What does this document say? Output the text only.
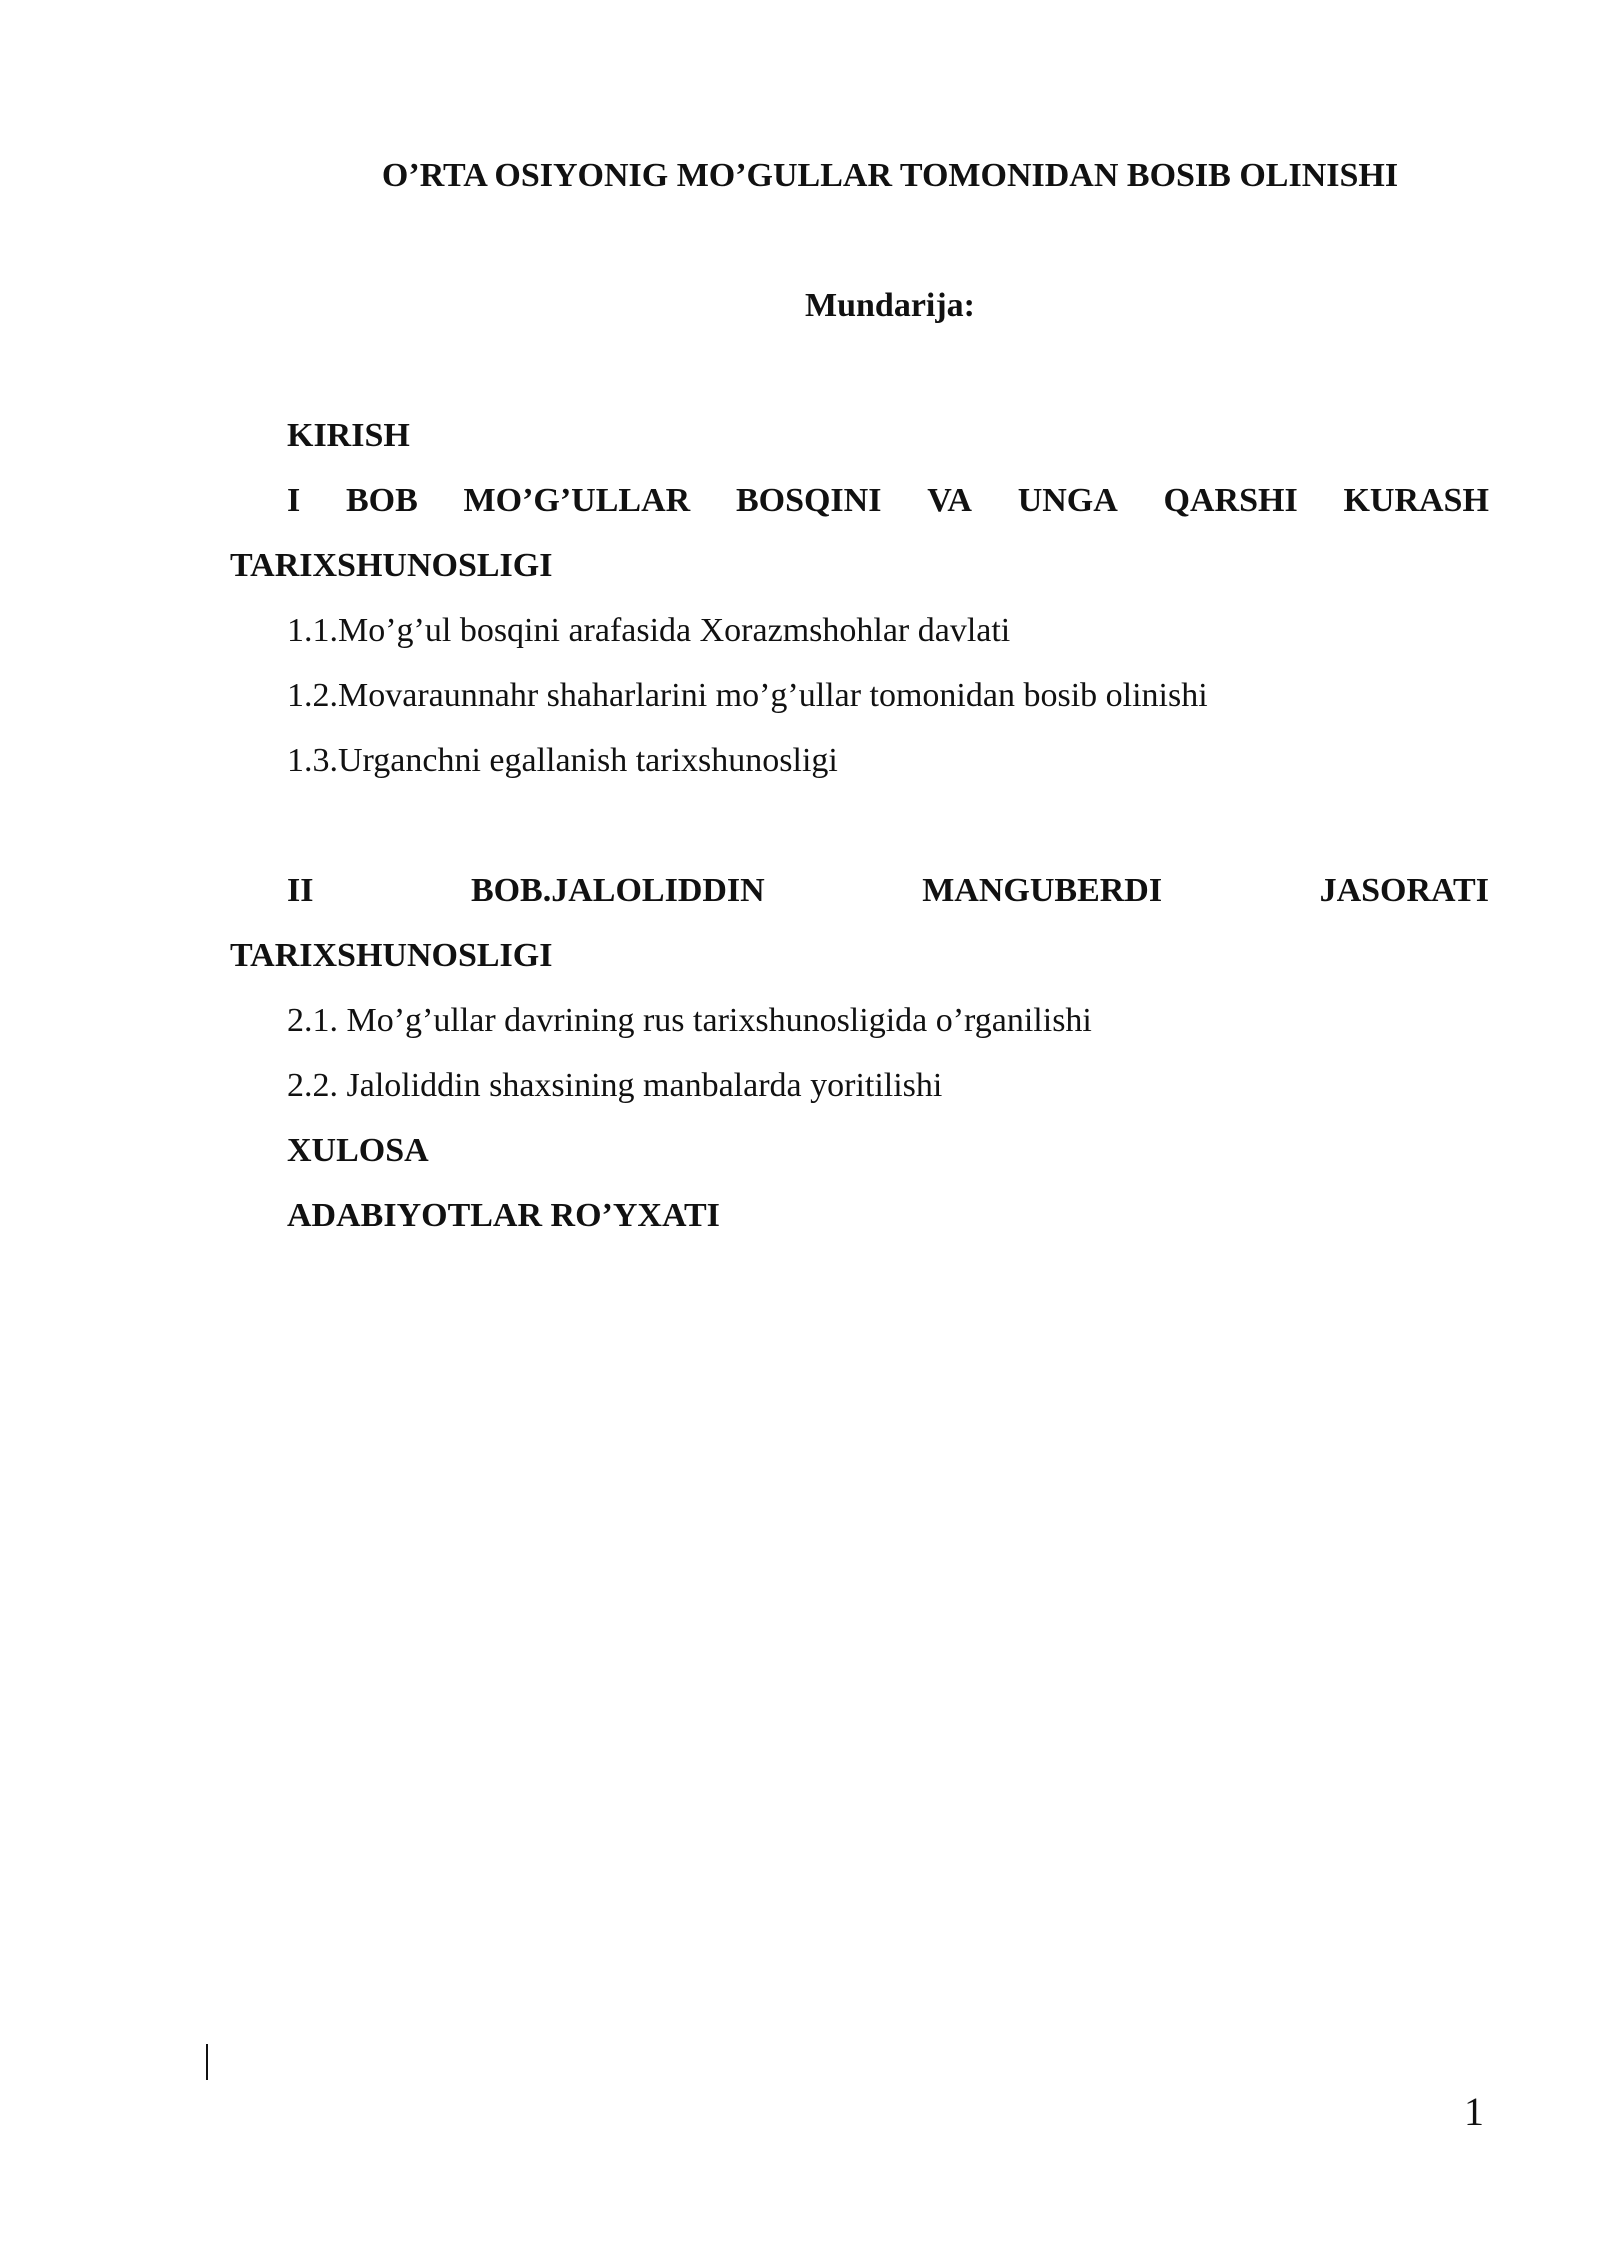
O’RTA OSIYONIG MO’GULLAR TOMONIDAN BOSIB OLINISHI
Mundarija:
KIRISH
I BOB MO’G’ULLAR BOSQINI VA UNGA QARSHI KURASH
TARIXSHUNOSLIGI
1.1.Mo’g’ul bosqini arafasida Xorazmshohlar davlati
1.2.Movaraunnahr shaharlarini mo’g’ullar tomonidan bosib olinishi
1.3.Urganchni egallanish tarixshunosligi
II	BOB.JALOLIDDIN	MANGUBERDI	JASORATI
TARIXSHUNOSLIGI
2.1. Mo’g’ullar davrining rus tarixshunosligida o’rganilishi
2.2. Jaloliddin shaxsining manbalarda yoritilishi
XULOSA
ADABIYOTLAR RO’YXATI
1
